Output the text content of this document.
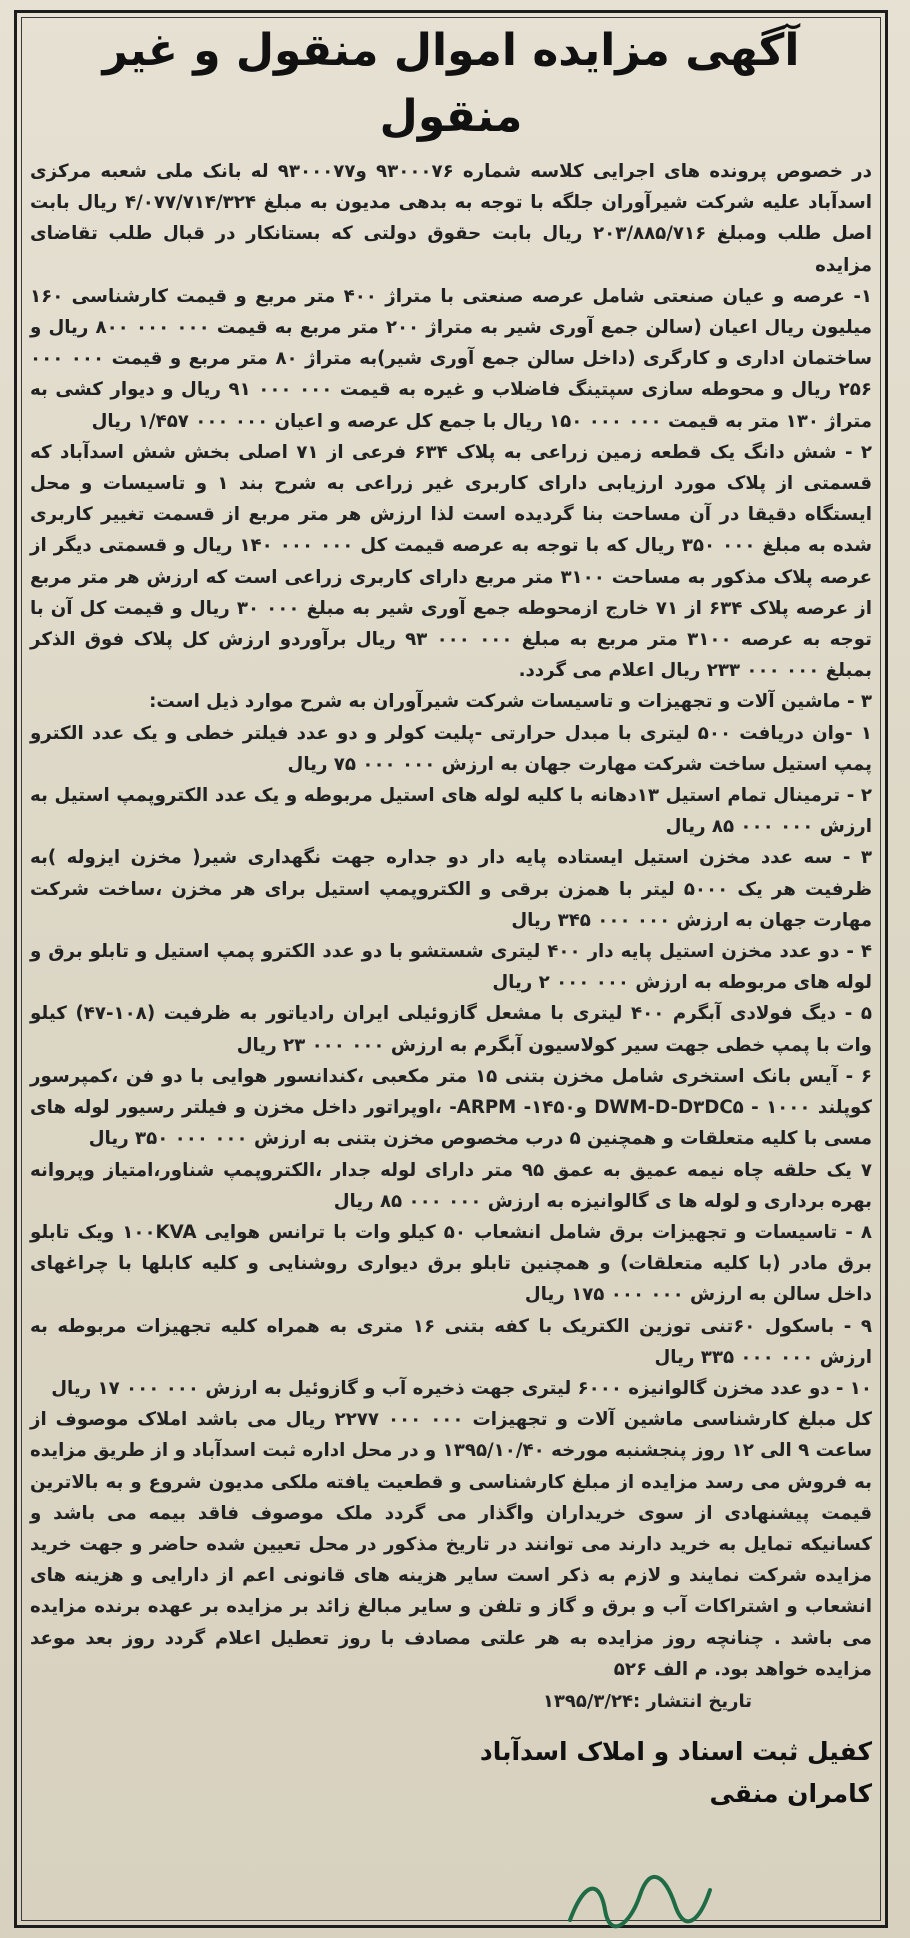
آگهی مزایده اموال منقول و غیر منقول

در خصوص پرونده های اجرایی کلاسه شماره ۹۳۰۰۰۷۶ و۹۳۰۰۰۷۷ له بانک ملی شعبه مرکزی اسدآباد علیه شرکت شیرآوران جلگه با توجه به بدهی مدیون به مبلغ ۴/۰۷۷/۷۱۴/۳۲۴ ریال بابت اصل طلب ومبلغ ۲۰۳/۸۸۵/۷۱۶ ریال بابت حقوق دولتی که بستانکار در قبال طلب تقاضای مزایده

۱- عرصه و عیان صنعتی شامل عرصه صنعتی با متراژ ۴۰۰ متر مربع و قیمت کارشناسی ۱۶۰ میلیون ریال اعیان (سالن جمع آوری شیر به متراژ ۲۰۰ متر مربع به قیمت ۰۰۰ ۰۰۰ ۸۰۰ ریال و ساختمان اداری و کارگری (داخل سالن جمع آوری شیر)به متراژ ۸۰ متر مربع و قیمت ۰۰۰ ۰۰۰ ۲۵۶ ریال و محوطه سازی سپتینگ فاضلاب و غیره به قیمت ۰۰۰ ۰۰۰ ۹۱ ریال و دیوار کشی به متراژ ۱۳۰ متر به قیمت ۰۰۰ ۰۰۰ ۱۵۰ ریال با جمع کل عرصه و اعیان ۰۰۰ ۰۰۰ ۱/۴۵۷ ریال

۲ - شش دانگ یک قطعه زمین زراعی به پلاک ۶۳۴ فرعی از ۷۱ اصلی بخش شش اسدآباد که قسمتی از پلاک مورد ارزیابی دارای کاربری غیر زراعی به شرح بند ۱ و تاسیسات و محل ایستگاه دقیقا در آن مساحت بنا گردیده است لذا ارزش هر متر مربع از قسمت تغییر کاربری شده به مبلغ ۰۰۰ ۳۵۰ ریال که با توجه به عرصه قیمت کل ۰۰۰ ۰۰۰ ۱۴۰ ریال و قسمتی دیگر از عرصه پلاک مذکور به مساحت ۳۱۰۰ متر مربع دارای کاربری زراعی است که ارزش هر متر مربع از عرصه پلاک ۶۳۴ از ۷۱ خارج ازمحوطه جمع آوری شیر به مبلغ ۰۰۰ ۳۰ ریال و قیمت کل آن با توجه به عرصه ۳۱۰۰ متر مربع به مبلغ ۰۰۰ ۰۰۰ ۹۳ ریال برآوردو ارزش کل پلاک فوق الذکر بمبلغ ۰۰۰ ۰۰۰ ۲۳۳ ریال اعلام می گردد.

۳ - ماشین آلات و تجهیزات و تاسیسات شرکت شیرآوران به شرح موارد ذیل است:

۱ -وان دریافت ۵۰۰ لیتری با مبدل حرارتی -پلیت کولر و دو عدد فیلتر خطی و یک عدد الکترو پمپ استیل ساخت شرکت مهارت جهان به ارزش ۰۰۰ ۰۰۰ ۷۵ ریال

۲ - ترمینال تمام استیل ۱۳دهانه با کلیه لوله های استیل مربوطه و یک عدد الکتروپمپ استیل به ارزش ۰۰۰ ۰۰۰ ۸۵ ریال

۳ - سه عدد مخزن استیل ایستاده پایه دار دو جداره جهت نگهداری شیر( مخزن ایزوله )به ظرفیت هر یک ۵۰۰۰ لیتر با همزن برقی و الکتروپمپ استیل برای هر مخزن ،ساخت شرکت مهارت جهان به ارزش ۰۰۰ ۰۰۰ ۳۴۵ ریال

۴ - دو عدد مخزن استیل پایه دار ۴۰۰ لیتری شستشو با دو عدد الکترو پمپ استیل و تابلو برق و لوله های مربوطه به ارزش ۰۰۰ ۰۰۰ ۲ ریال

۵ - دیگ فولادی آبگرم ۴۰۰ لیتری با مشعل گازوئیلی ایران رادیاتور به ظرفیت (۱۰۸-۴۷) کیلو وات با پمپ خطی جهت سیر کولاسیون آبگرم به ارزش ۰۰۰ ۰۰۰ ۲۳ ریال

۶ - آیس بانک استخری شامل مخزن بتنی ۱۵ متر مکعبی ،کندانسور هوایی با دو فن ،کمپرسور کوپلند ۱۰۰۰ - DWM-D-D۳DC۵ وARPM -۱۴۵۰- ،اوپراتور داخل مخزن و فیلتر رسیور لوله های مسی با کلیه متعلقات و همچنین ۵ درب مخصوص مخزن بتنی به ارزش ۰۰۰ ۰۰۰ ۳۵۰ ریال

۷ یک حلقه چاه نیمه عمیق به عمق ۹۵ متر دارای لوله جدار ،الکتروپمپ شناور،امتیاز وپروانه بهره برداری و لوله ها ی گالوانیزه به ارزش ۰۰۰ ۰۰۰ ۸۵ ریال

۸ - تاسیسات و تجهیزات برق شامل انشعاب ۵۰ کیلو وات با ترانس هوایی ۱۰۰KVA ویک تابلو برق مادر (با کلیه متعلقات) و همچنین تابلو برق دیواری روشنایی و کلیه کابلها با چراغهای داخل سالن به ارزش ۰۰۰ ۰۰۰ ۱۷۵ ریال

۹ - باسکول ۶۰تنی توزین الکتریک با کفه بتنی ۱۶ متری به همراه کلیه تجهیزات مربوطه به ارزش ۰۰۰ ۰۰۰ ۳۳۵ ریال

۱۰ - دو عدد مخزن گالوانیزه ۶۰۰۰ لیتری جهت ذخیره آب و گازوئیل به ارزش ۰۰۰ ۰۰۰ ۱۷ ریال

کل مبلغ کارشناسی ماشین آلات و تجهیزات ۰۰۰ ۰۰۰ ۲۲۷۷ ریال می باشد املاک موصوف از ساعت ۹ الی ۱۲ روز پنجشنبه مورخه ۱۳۹۵/۱۰/۴۰ و در محل اداره ثبت اسدآباد و از طریق مزایده به فروش می رسد مزایده از مبلغ کارشناسی و قطعیت یافته ملکی مدیون شروع و به بالاترین قیمت پیشنهادی از سوی خریداران واگذار می گردد ملک موصوف فاقد بیمه می باشد و کسانیکه تمایل به خرید دارند می توانند در تاریخ مذکور در محل تعیین شده حاضر و جهت خرید مزایده شرکت نمایند و لازم به ذکر است سایر هزینه های قانونی اعم از دارایی و هزینه های انشعاب و اشتراکات آب و برق و گاز و تلفن و سایر مبالغ زائد بر مزایده بر عهده برنده مزایده می باشد . چنانچه روز مزایده به هر علتی مصادف با روز تعطیل اعلام گردد روز بعد موعد مزایده خواهد بود. م الف ۵۲۶

تاریخ انتشار :۱۳۹۵/۳/۲۴

کفیل ثبت اسناد و املاک اسدآباد
کامران منقی
